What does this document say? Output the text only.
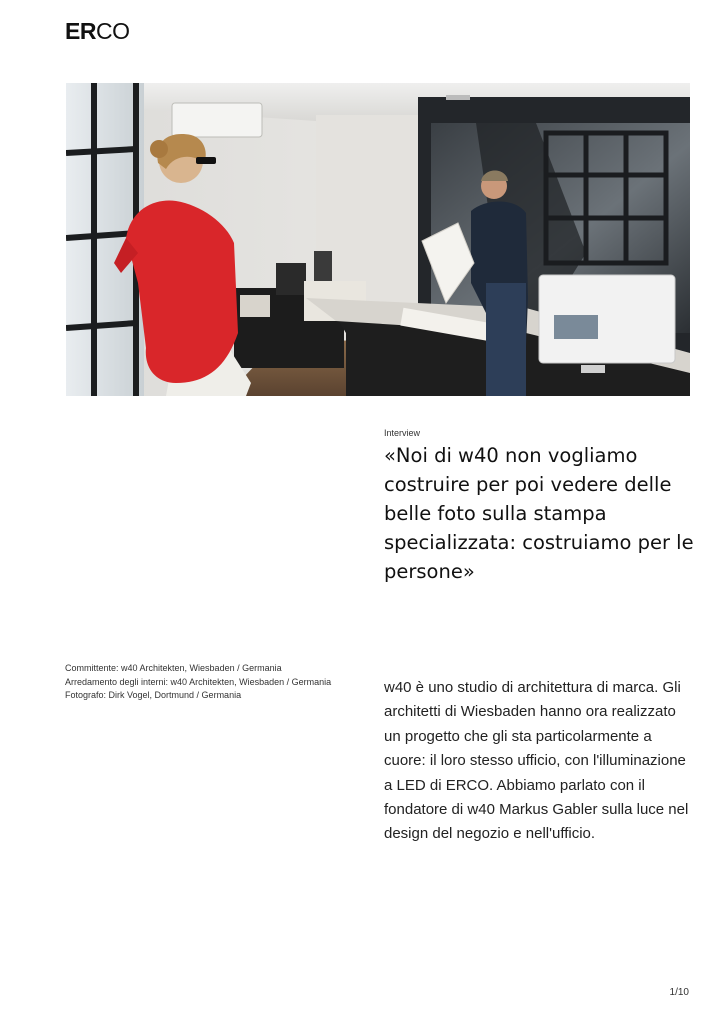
ERCO
Interview
«Noi di w40 non vogliamo costruire per poi vedere delle belle foto sulla stampa specializzata: costruiamo per le persone»
Committente: w40 Architekten, Wiesbaden / Germania
Arredamento degli interni: w40 Architekten, Wiesbaden / Germania
Fotografo: Dirk Vogel, Dortmund / Germania	w40 è uno studio di architettura di marca. Gli architetti di Wiesbaden hanno ora realizzato un progetto che gli sta particolarmente a cuore: il loro stesso ufficio, con l'illuminazione a LED di ERCO. Abbiamo parlato con il fondatore di w40 Markus Gabler sulla luce nel design del negozio e nell'ufficio.

1/10
